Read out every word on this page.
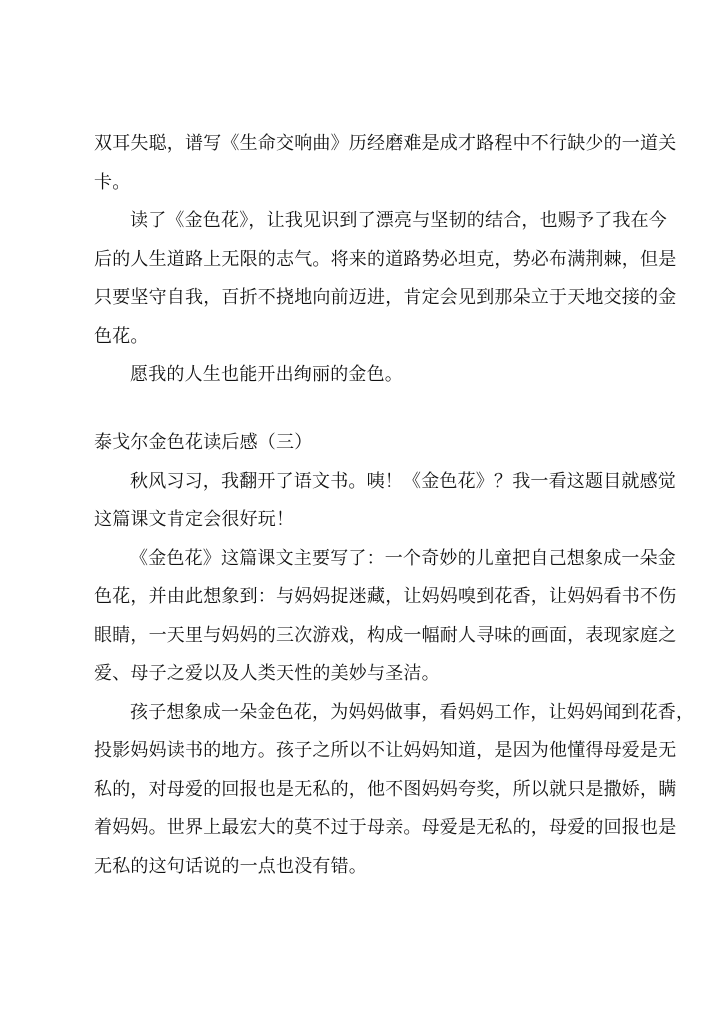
双耳失聪，谱写《生命交响曲》历经磨难是成才路程中不行缺少的一道关
卡。
读了《金色花》，让我见识到了漂亮与坚韧的结合，也赐予了我在今
后的人生道路上无限的志气。将来的道路势必坦克，势必布满荆棘，但是
只要坚守自我，百折不挠地向前迈进，肯定会见到那朵立于天地交接的金
色花。
愿我的人生也能开出绚丽的金色。
泰戈尔金色花读后感（三）
秋风习习，我翻开了语文书。咦！《金色花》？我一看这题目就感觉
这篇课文肯定会很好玩！
《金色花》这篇课文主要写了：一个奇妙的儿童把自己想象成一朵金
色花，并由此想象到：与妈妈捉迷藏，让妈妈嗅到花香，让妈妈看书不伤
眼睛，一天里与妈妈的三次游戏，构成一幅耐人寻味的画面，表现家庭之
爱、母子之爱以及人类天性的美妙与圣洁。
孩子想象成一朵金色花，为妈妈做事，看妈妈工作，让妈妈闻到花香，
投影妈妈读书的地方。孩子之所以不让妈妈知道，是因为他懂得母爱是无
私的，对母爱的回报也是无私的，他不图妈妈夸奖，所以就只是撒娇，瞒
着妈妈。世界上最宏大的莫不过于母亲。母爱是无私的，母爱的回报也是
无私的这句话说的一点也没有错。
